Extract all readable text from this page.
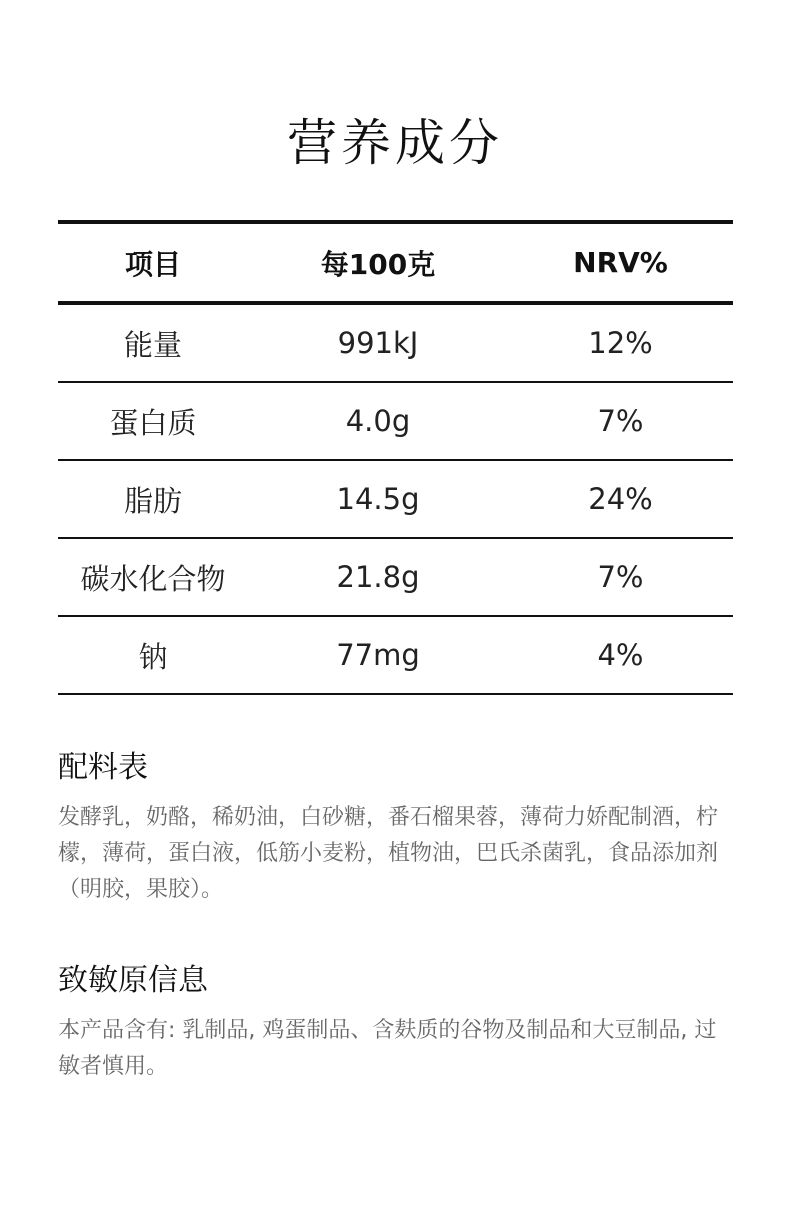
营养成分
项目	每100克	NRV%
能量	991kJ	12%
蛋白质	4.0g	7%
脂肪	14.5g	24%
碳水化合物	21.8g	7%
钠	77mg	4%
配料表
发酵乳，奶酪，稀奶油，白砂糖，番石榴果蓉，薄荷力娇配制酒，柠檬，薄荷，蛋白液，低筋小麦粉，植物油，巴氏杀菌乳，食品添加剂（明胶，果胶）。
致敏原信息
本产品含有: 乳制品, 鸡蛋制品、含麸质的谷物及制品和大豆制品, 过敏者慎用。
